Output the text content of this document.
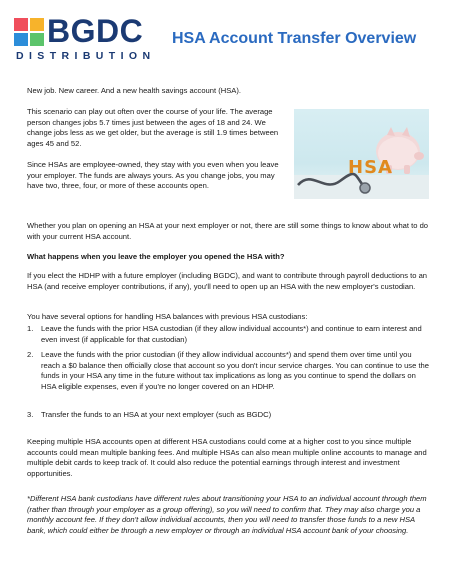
BGDC
DISTRIBUTION
HSA Account Transfer Overview

New job. New career. And a new health savings account (HSA).

This scenario can play out often over the course of your life. The average person changes jobs 5.7 times just between the ages of 18 and 24. We change jobs less as we get older, but the average is still 1.9 times between ages 45 and 52.

Since HSAs are employee-owned, they stay with you even when you leave your employer. The funds are always yours. As you change jobs, you may have two, three, four, or more of these accounts open.

HSA

Whether you plan on opening an HSA at your next employer or not, there are still some things to know about what to do with your current HSA account.

What happens when you leave the employer you opened the HSA with?

If you elect the HDHP with a future employer (including BGDC), and want to contribute through payroll deductions to an HSA (and receive employer contributions, if any), you'll need to open up an HSA with the new employer's custodian.

You have several options for handling HSA balances with previous HSA custodians:

1. Leave the funds with the prior HSA custodian (if they allow individual accounts*) and continue to earn interest and even invest (if applicable for that custodian)
2. Leave the funds with the prior custodian (if they allow individual accounts*) and spend them over time until you reach a $0 balance then officially close that account so you don't incur service charges. You can continue to use the funds in your HSA any time in the future without tax implications as long as you continue to spend the dollars on HSA eligible expenses, even if you're no longer covered on an HDHP.
3. Transfer the funds to an HSA at your next employer (such as BGDC)

Keeping multiple HSA accounts open at different HSA custodians could come at a higher cost to you since multiple accounts could mean multiple banking fees. And multiple HSAs can also mean multiple online accounts to manage and multiple debit cards to keep track of. It could also reduce the potential earnings through interest and investment opportunities.

*Different HSA bank custodians have different rules about transitioning your HSA to an individual account through them (rather than through your employer as a group offering), so you will need to confirm that. They may also charge you a monthly account fee. If they don't allow individual accounts, then you will need to transfer those funds to a new HSA bank, which could either be through a new employer or through an individual HSA account bank of your choosing.
